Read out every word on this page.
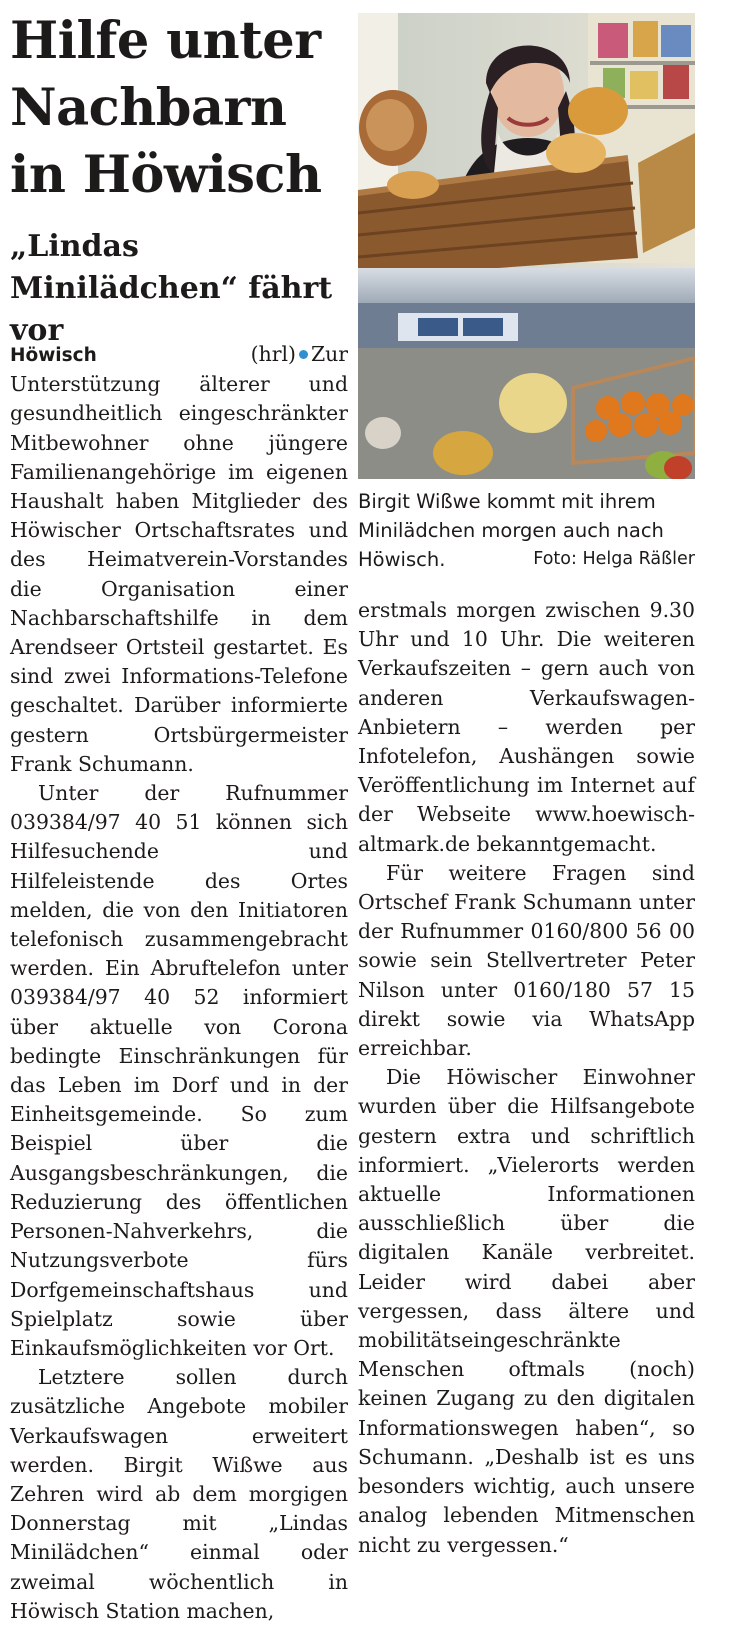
Hilfe unter Nachbarn in Höwisch
„Lindas Minilädchen“ fährt vor

Höwisch	(hrl) Zur Unterstützung älterer und gesundheitlich eingeschränkter Mitbewohner ohne jüngere Familienangehörige im eigenen Haushalt haben Mitglieder des Höwischer Ortschaftsrates und des Heimatverein-Vorstandes die Organisation einer Nachbarschaftshilfe in dem Arendseer Ortsteil gestartet. Es sind zwei Informations-Telefone geschaltet. Darüber informierte gestern Ortsbürgermeister Frank Schumann.

Unter der Rufnummer 039384/97 40 51 können sich Hilfesuchende und Hilfeleistende des Ortes melden, die von den Initiatoren telefonisch zusammengebracht werden. Ein Abruftelefon unter 039384/97 40 52 informiert über aktuelle von Corona bedingte Einschränkungen für das Leben im Dorf und in der Einheitsgemeinde. So zum Beispiel über die Ausgangsbeschränkungen, die Reduzierung des öffentlichen Personen-Nahverkehrs, die Nutzungsverbote fürs Dorfgemeinschaftshaus und Spielplatz sowie über Einkaufsmöglichkeiten vor Ort.

Letztere sollen durch zusätzliche Angebote mobiler Verkaufswagen erweitert werden. Birgit Wißwe aus Zehren wird ab dem morgigen Donnerstag mit „Lindas Minilädchen“ einmal oder zweimal wöchentlich in Höwisch Station machen,

Birgit Wißwe kommt mit ihrem Minilädchen morgen auch nach Höwisch.	Foto: Helga Räßler

erstmals morgen zwischen 9.30 Uhr und 10 Uhr. Die weiteren Verkaufszeiten – gern auch von anderen Verkaufswagen-Anbietern – werden per Infotelefon, Aushängen sowie Veröffentlichung im Internet auf der Webseite www.hoewisch-altmark.de bekanntgemacht.

Für weitere Fragen sind Ortschef Frank Schumann unter der Rufnummer 0160/800 56 00 sowie sein Stellvertreter Peter Nilson unter 0160/180 57 15 direkt sowie via WhatsApp erreichbar.

Die Höwischer Einwohner wurden über die Hilfsangebote gestern extra und schriftlich informiert. „Vielerorts werden aktuelle Informationen ausschließlich über die digitalen Kanäle verbreitet. Leider wird dabei aber vergessen, dass ältere und mobilitätseingeschränkte Menschen oftmals (noch) keinen Zugang zu den digitalen Informationswegen haben“, so Schumann. „Deshalb ist es uns besonders wichtig, auch unsere analog lebenden Mitmenschen nicht zu vergessen.“
